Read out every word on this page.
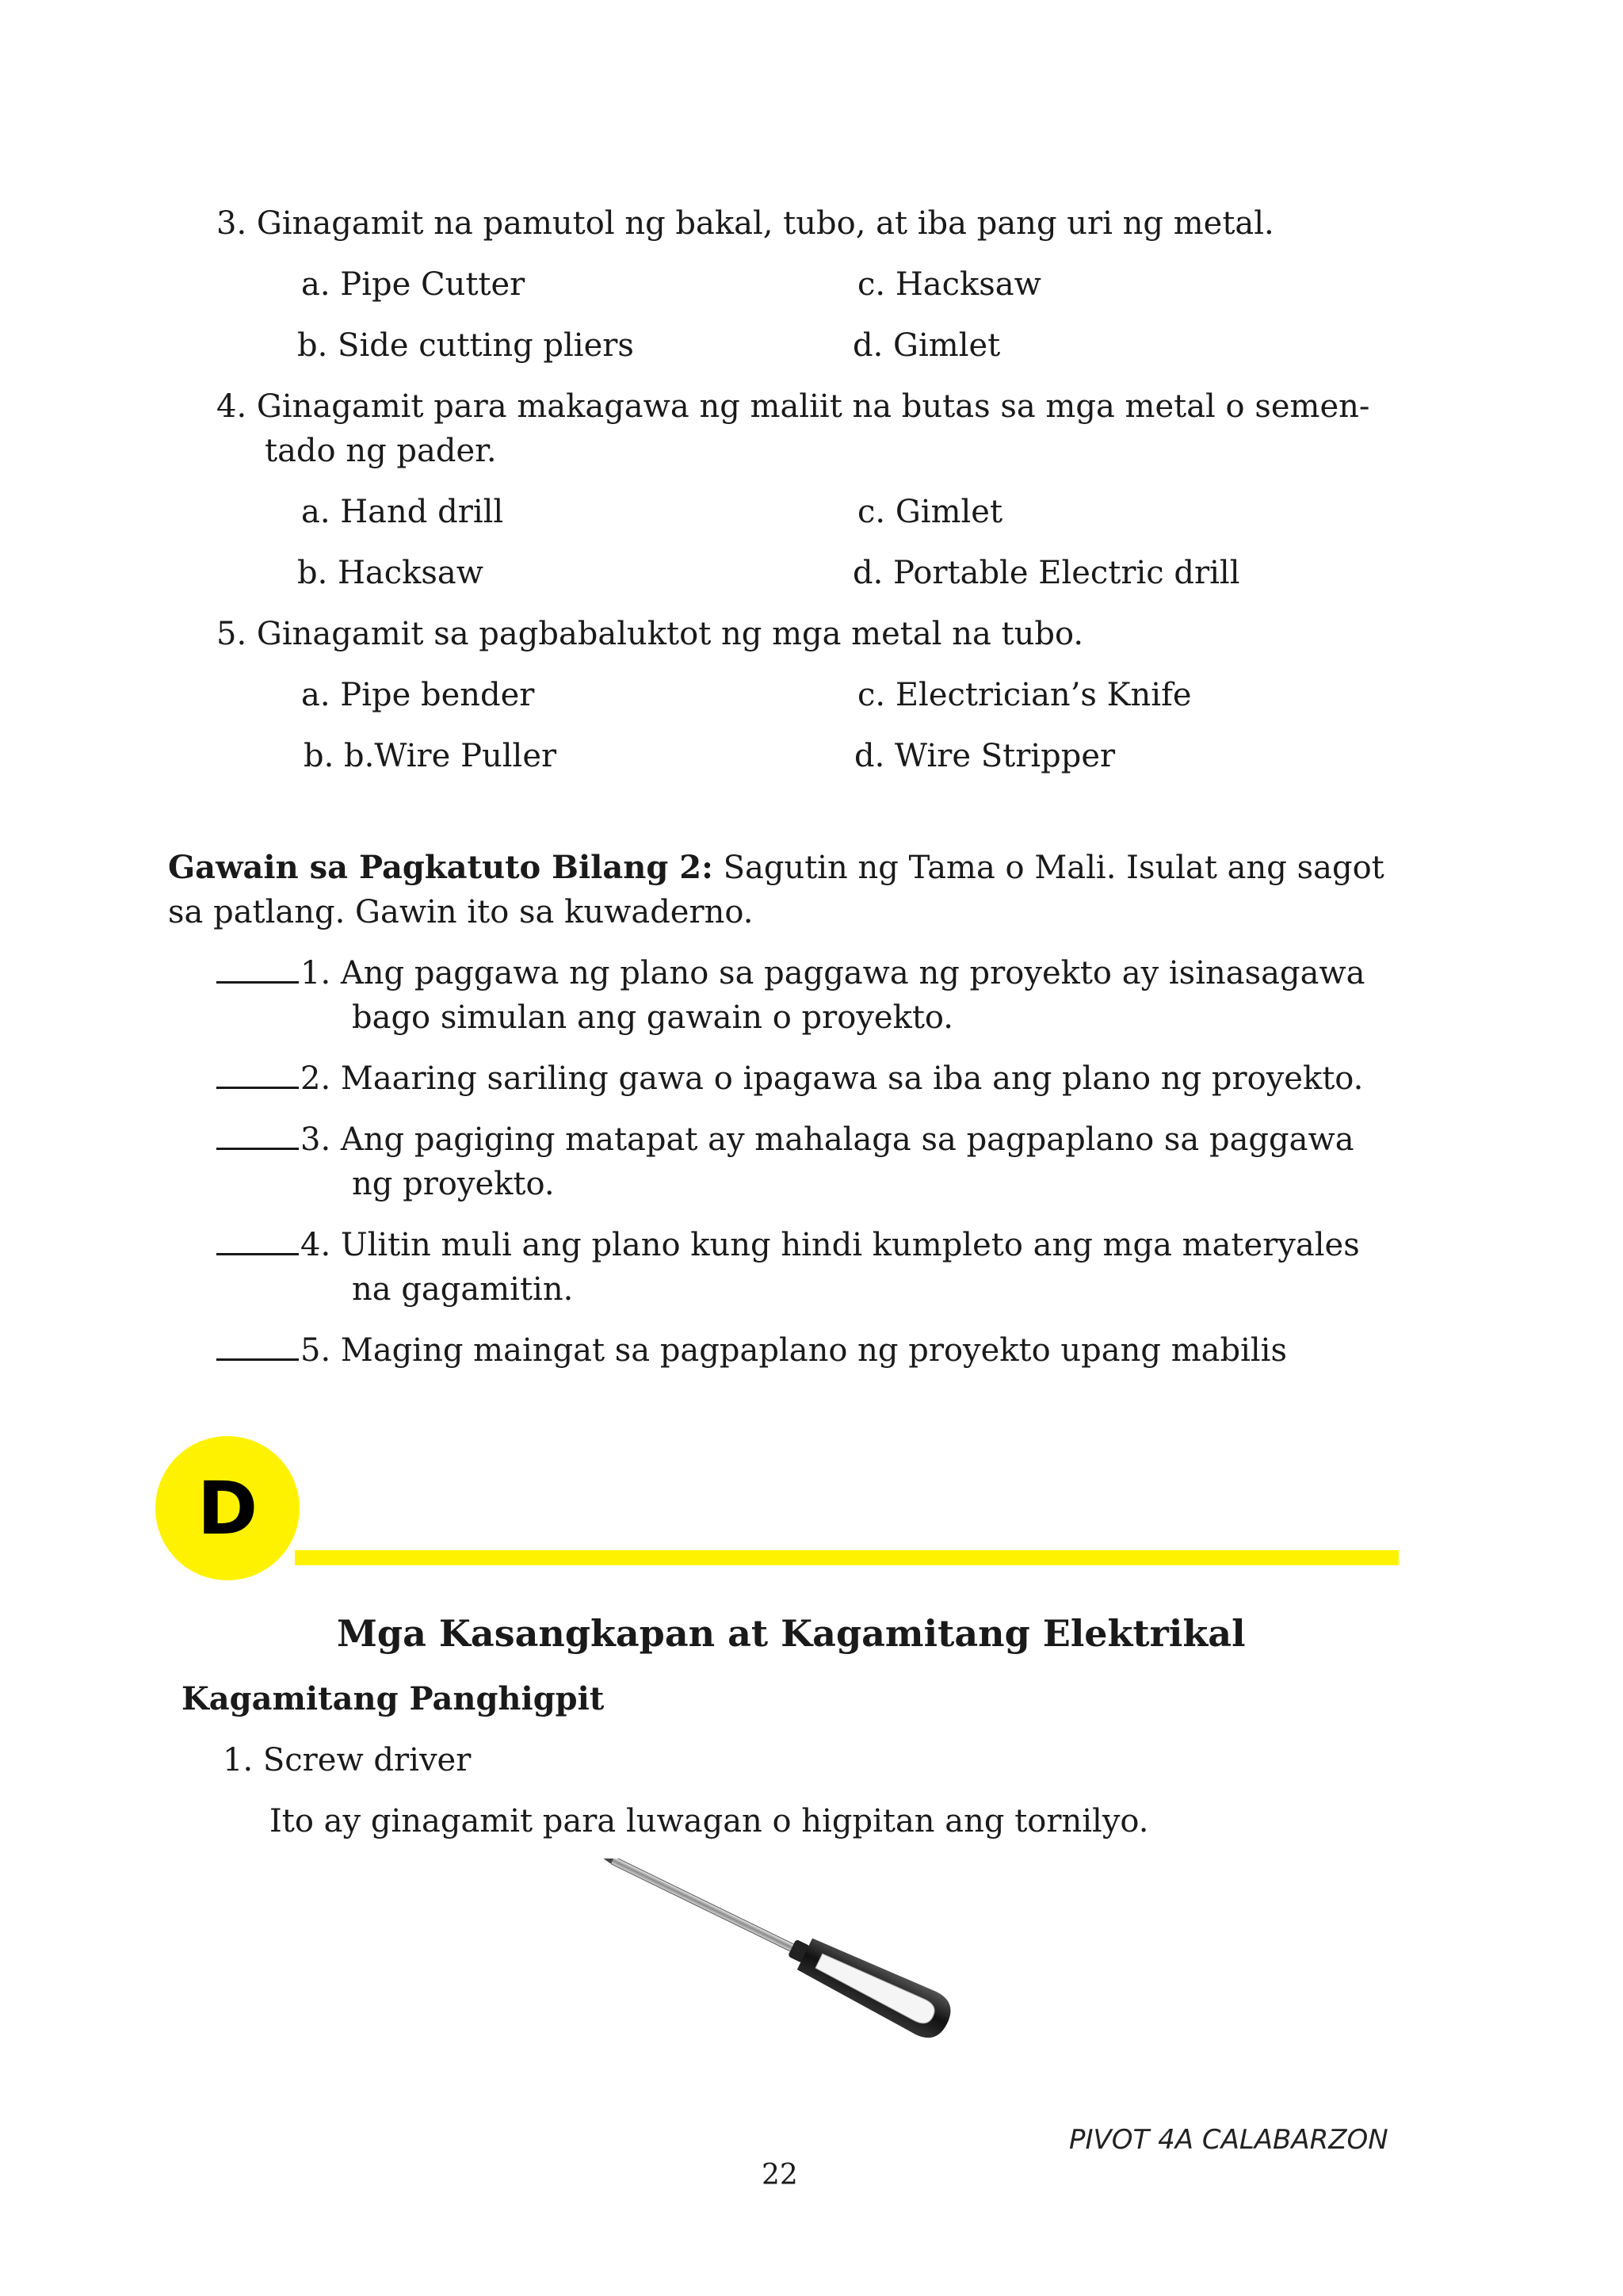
3. Ginagamit na pamutol ng bakal, tubo, at iba pang uri ng metal.
a. Pipe Cutter	c. Hacksaw
b. Side cutting pliers	d. Gimlet
4. Ginagamit para makagawa ng maliit na butas sa mga metal o semen-
tado ng pader.
a. Hand drill	c. Gimlet
b. Hacksaw	d. Portable Electric drill
5. Ginagamit sa pagbabaluktot ng mga metal na tubo.
a. Pipe bender	c. Electrician’s Knife
b. b.Wire Puller	d. Wire Stripper
Gawain sa Pagkatuto Bilang 2: Sagutin ng Tama o Mali. Isulat ang sagot
sa patlang. Gawin ito sa kuwaderno.
1. Ang paggawa ng plano sa paggawa ng proyekto ay isinasagawa
bago simulan ang gawain o proyekto.
2. Maaring sariling gawa o ipagawa sa iba ang plano ng proyekto.
3. Ang pagiging matapat ay mahalaga sa pagpaplano sa paggawa
ng proyekto.
4. Ulitin muli ang plano kung hindi kumpleto ang mga materyales
na gagamitin.
5. Maging maingat sa pagpaplano ng proyekto upang mabilis
D
Mga Kasangkapan at Kagamitang Elektrikal
Kagamitang Panghigpit
1. Screw driver
Ito ay ginagamit para luwagan o higpitan ang tornilyo.
PIVOT 4A CALABARZON
22
